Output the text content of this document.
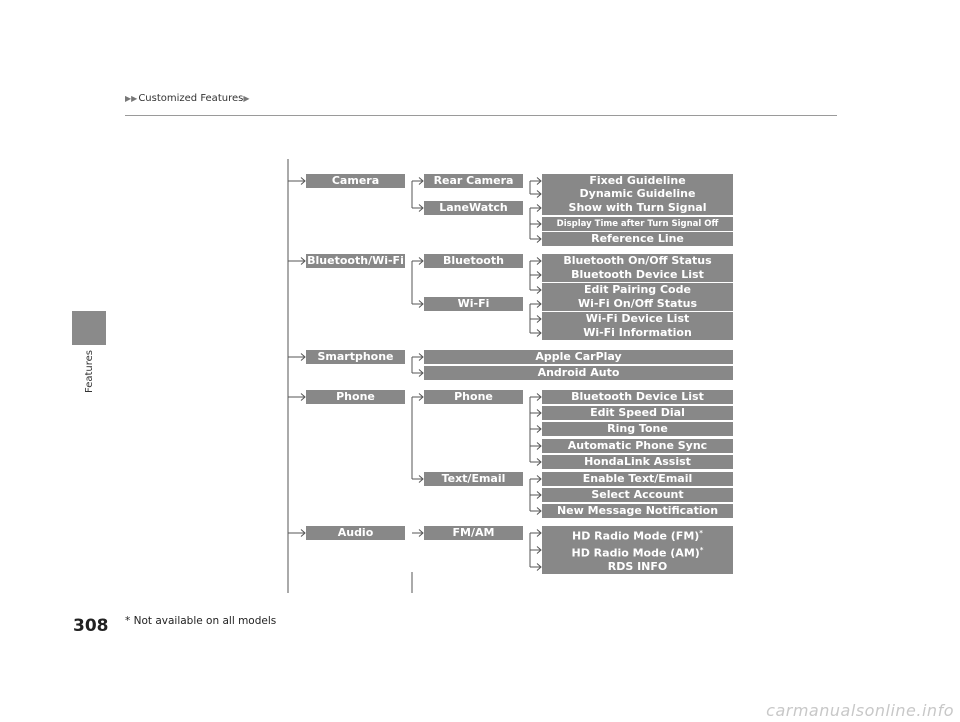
▶▶Customized Features▶
Features
Camera
Bluetooth/Wi-Fi
Smartphone
Phone
Audio
Rear Camera
LaneWatch
Bluetooth
Wi-Fi
Apple CarPlay
Android Auto
Phone
Text/Email
FM/AM
Fixed Guideline
Dynamic Guideline
Show with Turn Signal
Display Time after Turn Signal Off
Reference Line
Bluetooth On/Off Status
Bluetooth Device List
Edit Pairing Code
Wi-Fi On/Off Status
Wi-Fi Device List
Wi-Fi Information
Bluetooth Device List
Edit Speed Dial
Ring Tone
Automatic Phone Sync
HondaLink Assist
Enable Text/Email
Select Account
New Message Notification
HD Radio Mode (FM)*
HD Radio Mode (AM)*
RDS INFO
308 * Not available on all models
carmanualsonline.info
